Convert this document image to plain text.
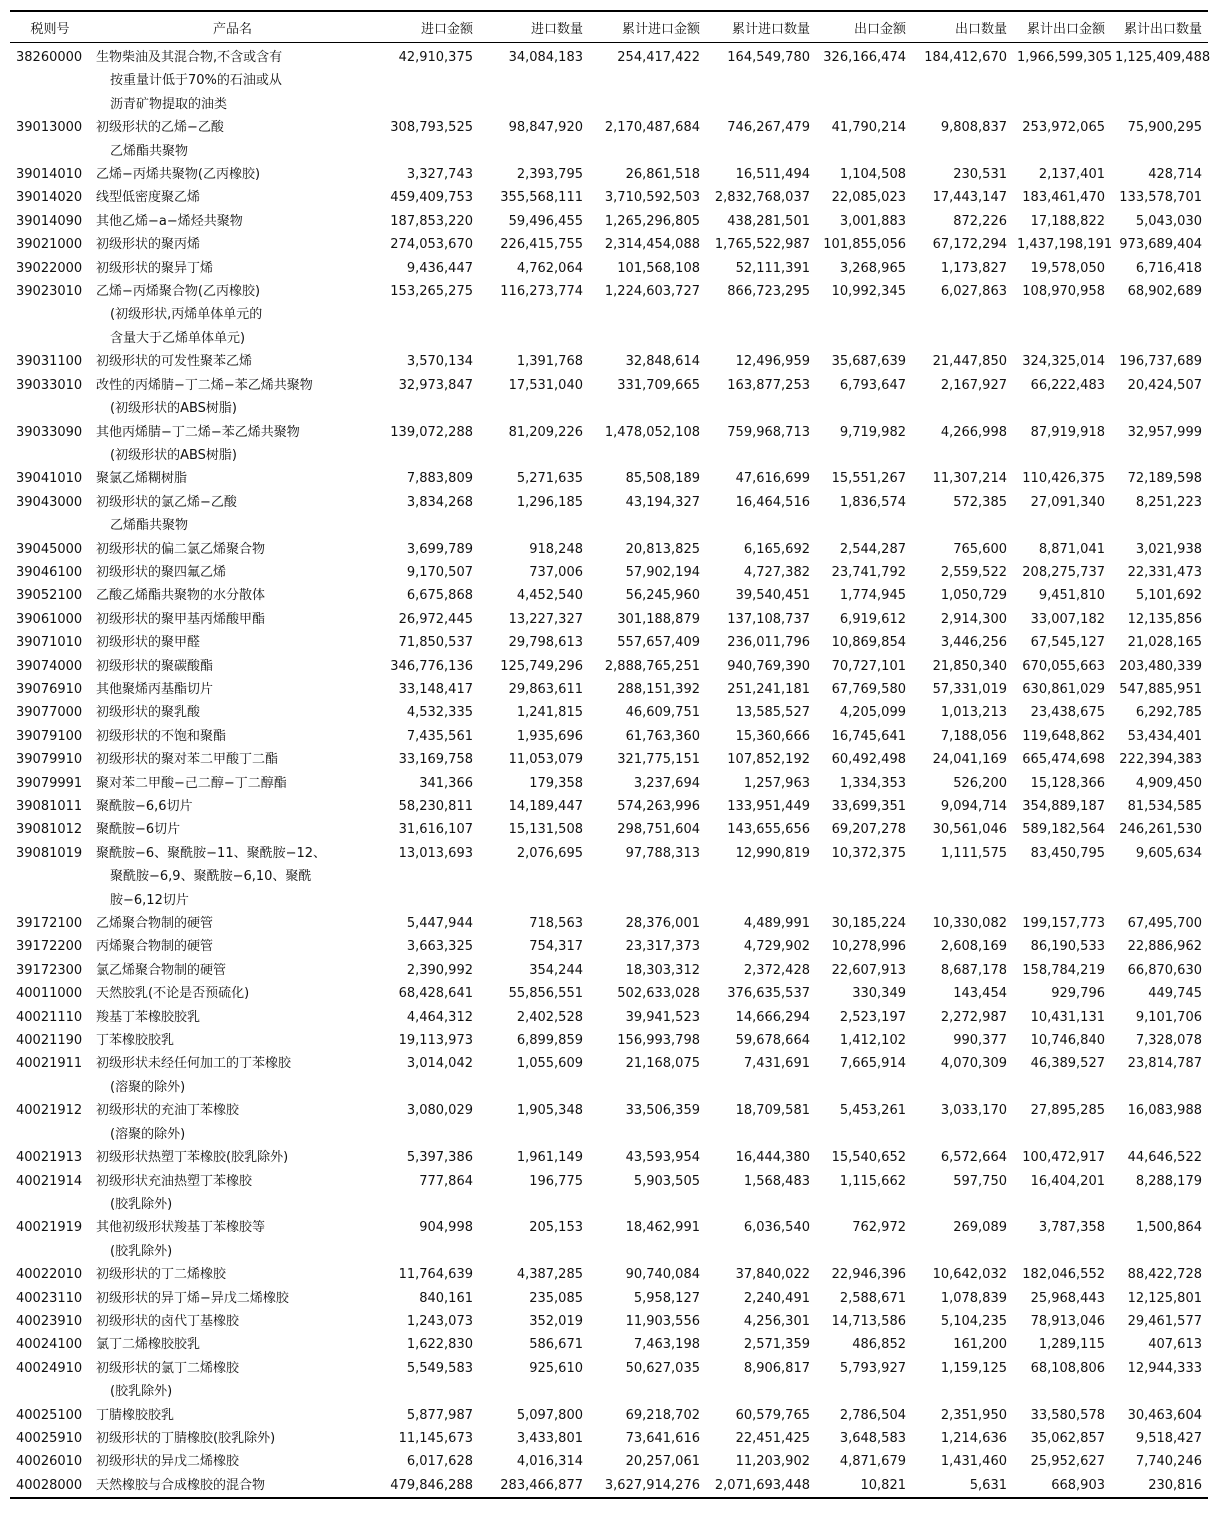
税则号	产品名	进口金额	进口数量	累计进口金额	累计进口数量	出口金额	出口数量	累计出口金额	累计出口数量
38260000	生物柴油及其混合物,不含或含有
按重量计低于70%的石油或从
沥青矿物提取的油类	42,910,375	34,084,183	254,417,422	164,549,780	326,166,474	184,412,670	1,966,599,305	1,125,409,488
39013000	初级形状的乙烯−乙酸
乙烯酯共聚物	308,793,525	98,847,920	2,170,487,684	746,267,479	41,790,214	9,808,837	253,972,065	75,900,295
39014010	乙烯−丙烯共聚物(乙丙橡胶)	3,327,743	2,393,795	26,861,518	16,511,494	1,104,508	230,531	2,137,401	428,714
39014020	线型低密度聚乙烯	459,409,753	355,568,111	3,710,592,503	2,832,768,037	22,085,023	17,443,147	183,461,470	133,578,701
39014090	其他乙烯−a−烯烃共聚物	187,853,220	59,496,455	1,265,296,805	438,281,501	3,001,883	872,226	17,188,822	5,043,030
39021000	初级形状的聚丙烯	274,053,670	226,415,755	2,314,454,088	1,765,522,987	101,855,056	67,172,294	1,437,198,191	973,689,404
39022000	初级形状的聚异丁烯	9,436,447	4,762,064	101,568,108	52,111,391	3,268,965	1,173,827	19,578,050	6,716,418
39023010	乙烯−丙烯聚合物(乙丙橡胶)
(初级形状,丙烯单体单元的
含量大于乙烯单体单元)	153,265,275	116,273,774	1,224,603,727	866,723,295	10,992,345	6,027,863	108,970,958	68,902,689
39031100	初级形状的可发性聚苯乙烯	3,570,134	1,391,768	32,848,614	12,496,959	35,687,639	21,447,850	324,325,014	196,737,689
39033010	改性的丙烯腈−丁二烯−苯乙烯共聚物
(初级形状的ABS树脂)	32,973,847	17,531,040	331,709,665	163,877,253	6,793,647	2,167,927	66,222,483	20,424,507
39033090	其他丙烯腈−丁二烯−苯乙烯共聚物
(初级形状的ABS树脂)	139,072,288	81,209,226	1,478,052,108	759,968,713	9,719,982	4,266,998	87,919,918	32,957,999
39041010	聚氯乙烯糊树脂	7,883,809	5,271,635	85,508,189	47,616,699	15,551,267	11,307,214	110,426,375	72,189,598
39043000	初级形状的氯乙烯−乙酸
乙烯酯共聚物	3,834,268	1,296,185	43,194,327	16,464,516	1,836,574	572,385	27,091,340	8,251,223
39045000	初级形状的偏二氯乙烯聚合物	3,699,789	918,248	20,813,825	6,165,692	2,544,287	765,600	8,871,041	3,021,938
39046100	初级形状的聚四氟乙烯	9,170,507	737,006	57,902,194	4,727,382	23,741,792	2,559,522	208,275,737	22,331,473
39052100	乙酸乙烯酯共聚物的水分散体	6,675,868	4,452,540	56,245,960	39,540,451	1,774,945	1,050,729	9,451,810	5,101,692
39061000	初级形状的聚甲基丙烯酸甲酯	26,972,445	13,227,327	301,188,879	137,108,737	6,919,612	2,914,300	33,007,182	12,135,856
39071010	初级形状的聚甲醛	71,850,537	29,798,613	557,657,409	236,011,796	10,869,854	3,446,256	67,545,127	21,028,165
39074000	初级形状的聚碳酸酯	346,776,136	125,749,296	2,888,765,251	940,769,390	70,727,101	21,850,340	670,055,663	203,480,339
39076910	其他聚烯丙基酯切片	33,148,417	29,863,611	288,151,392	251,241,181	67,769,580	57,331,019	630,861,029	547,885,951
39077000	初级形状的聚乳酸	4,532,335	1,241,815	46,609,751	13,585,527	4,205,099	1,013,213	23,438,675	6,292,785
39079100	初级形状的不饱和聚酯	7,435,561	1,935,696	61,763,360	15,360,666	16,745,641	7,188,056	119,648,862	53,434,401
39079910	初级形状的聚对苯二甲酸丁二酯	33,169,758	11,053,079	321,775,151	107,852,192	60,492,498	24,041,169	665,474,698	222,394,383
39079991	聚对苯二甲酸−己二醇−丁二醇酯	341,366	179,358	3,237,694	1,257,963	1,334,353	526,200	15,128,366	4,909,450
39081011	聚酰胺−6,6切片	58,230,811	14,189,447	574,263,996	133,951,449	33,699,351	9,094,714	354,889,187	81,534,585
39081012	聚酰胺−6切片	31,616,107	15,131,508	298,751,604	143,655,656	69,207,278	30,561,046	589,182,564	246,261,530
39081019	聚酰胺−6、聚酰胺−11、聚酰胺−12、
聚酰胺−6,9、聚酰胺−6,10、聚酰
胺−6,12切片	13,013,693	2,076,695	97,788,313	12,990,819	10,372,375	1,111,575	83,450,795	9,605,634
39172100	乙烯聚合物制的硬管	5,447,944	718,563	28,376,001	4,489,991	30,185,224	10,330,082	199,157,773	67,495,700
39172200	丙烯聚合物制的硬管	3,663,325	754,317	23,317,373	4,729,902	10,278,996	2,608,169	86,190,533	22,886,962
39172300	氯乙烯聚合物制的硬管	2,390,992	354,244	18,303,312	2,372,428	22,607,913	8,687,178	158,784,219	66,870,630
40011000	天然胶乳(不论是否预硫化)	68,428,641	55,856,551	502,633,028	376,635,537	330,349	143,454	929,796	449,745
40021110	羧基丁苯橡胶胶乳	4,464,312	2,402,528	39,941,523	14,666,294	2,523,197	2,272,987	10,431,131	9,101,706
40021190	丁苯橡胶胶乳	19,113,973	6,899,859	156,993,798	59,678,664	1,412,102	990,377	10,746,840	7,328,078
40021911	初级形状未经任何加工的丁苯橡胶
(溶聚的除外)	3,014,042	1,055,609	21,168,075	7,431,691	7,665,914	4,070,309	46,389,527	23,814,787
40021912	初级形状的充油丁苯橡胶
(溶聚的除外)	3,080,029	1,905,348	33,506,359	18,709,581	5,453,261	3,033,170	27,895,285	16,083,988
40021913	初级形状热塑丁苯橡胶(胶乳除外)	5,397,386	1,961,149	43,593,954	16,444,380	15,540,652	6,572,664	100,472,917	44,646,522
40021914	初级形状充油热塑丁苯橡胶
(胶乳除外)	777,864	196,775	5,903,505	1,568,483	1,115,662	597,750	16,404,201	8,288,179
40021919	其他初级形状羧基丁苯橡胶等
(胶乳除外)	904,998	205,153	18,462,991	6,036,540	762,972	269,089	3,787,358	1,500,864
40022010	初级形状的丁二烯橡胶	11,764,639	4,387,285	90,740,084	37,840,022	22,946,396	10,642,032	182,046,552	88,422,728
40023110	初级形状的异丁烯−异戊二烯橡胶	840,161	235,085	5,958,127	2,240,491	2,588,671	1,078,839	25,968,443	12,125,801
40023910	初级形状的卤代丁基橡胶	1,243,073	352,019	11,903,556	4,256,301	14,713,586	5,104,235	78,913,046	29,461,577
40024100	氯丁二烯橡胶胶乳	1,622,830	586,671	7,463,198	2,571,359	486,852	161,200	1,289,115	407,613
40024910	初级形状的氯丁二烯橡胶
(胶乳除外)	5,549,583	925,610	50,627,035	8,906,817	5,793,927	1,159,125	68,108,806	12,944,333
40025100	丁腈橡胶胶乳	5,877,987	5,097,800	69,218,702	60,579,765	2,786,504	2,351,950	33,580,578	30,463,604
40025910	初级形状的丁腈橡胶(胶乳除外)	11,145,673	3,433,801	73,641,616	22,451,425	3,648,583	1,214,636	35,062,857	9,518,427
40026010	初级形状的异戊二烯橡胶	6,017,628	4,016,314	20,257,061	11,203,902	4,871,679	1,431,460	25,952,627	7,740,246
40028000	天然橡胶与合成橡胶的混合物	479,846,288	283,466,877	3,627,914,276	2,071,693,448	10,821	5,631	668,903	230,816
